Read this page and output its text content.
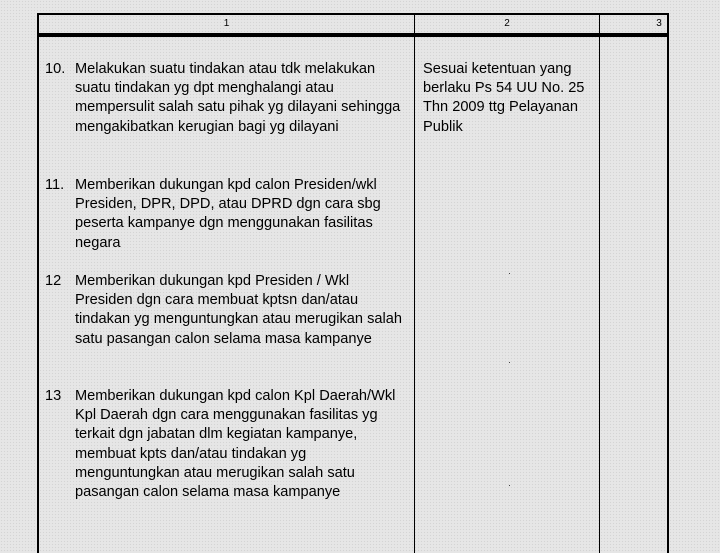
1	2	3
10. Melakukan suatu tindakan atau tdk melakukan suatu tindakan yg dpt menghalangi atau mempersulit salah satu pihak yg dilayani sehingga mengakibatkan kerugian bagi yg dilayani
11. Memberikan dukungan kpd calon Presiden/wkl Presiden, DPR, DPD, atau DPRD dgn cara sbg peserta kampanye dgn menggunakan fasilitas negara
12 Memberikan dukungan kpd Presiden / Wkl Presiden dgn cara membuat kptsn dan/atau tindakan yg menguntungkan atau merugikan salah satu pasangan calon selama masa kampanye
13 Memberikan dukungan kpd calon Kpl Daerah/Wkl Kpl Daerah dgn cara menggunakan fasilitas yg terkait dgn jabatan dlm kegiatan kampanye, membuat kpts dan/atau tindakan yg menguntungkan atau merugikan salah satu pasangan calon selama masa kampanye
Sesuai ketentuan yang berlaku Ps 54 UU No. 25 Thn 2009 ttg Pelayanan Publik
